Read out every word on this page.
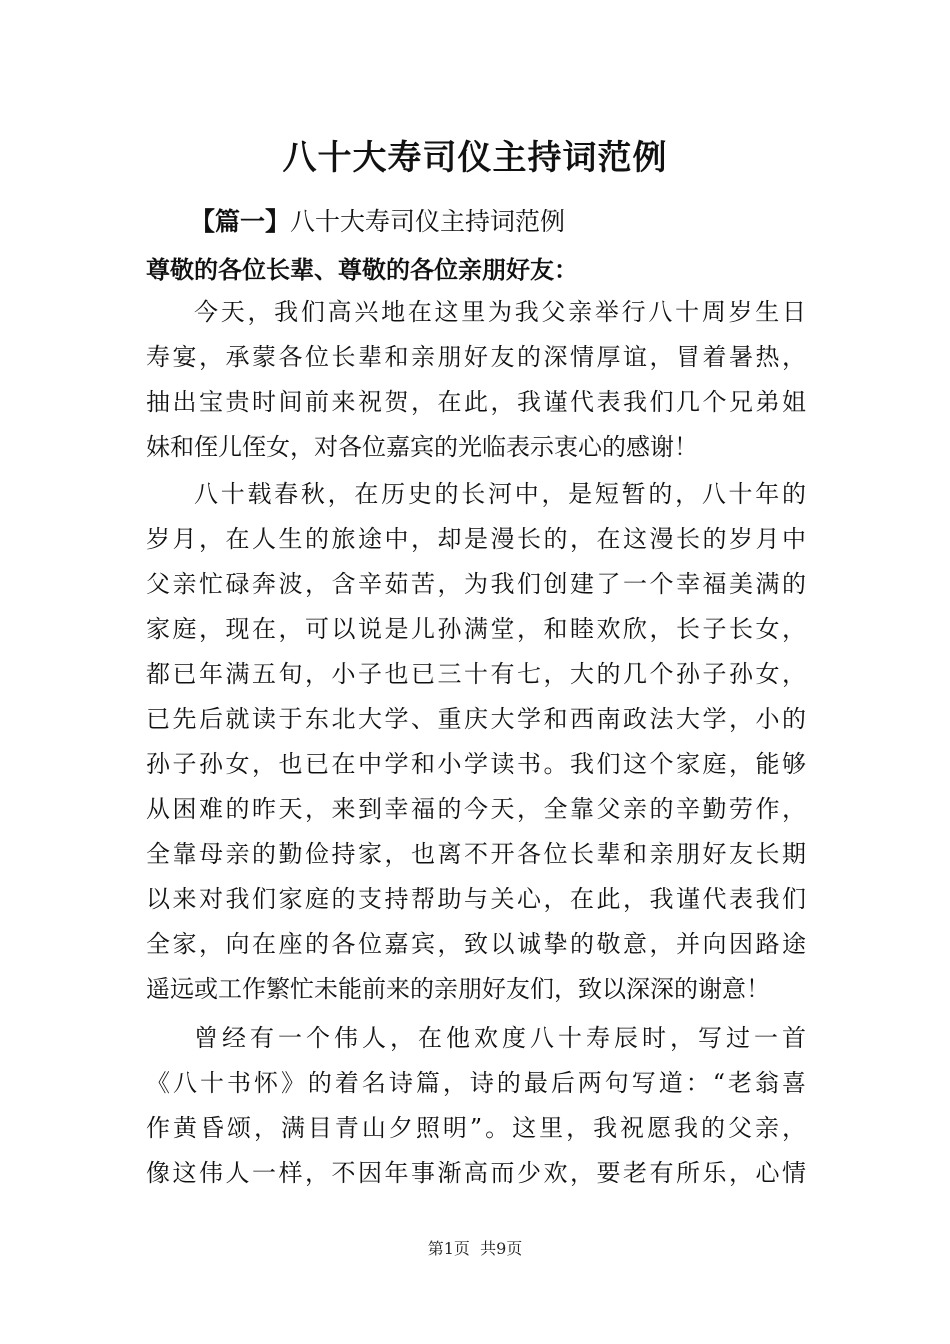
八十大寿司仪主持词范例

【篇一】八十大寿司仪主持词范例

尊敬的各位长辈、尊敬的各位亲朋好友：

今天，我们高兴地在这里为我父亲举行八十周岁生日

寿宴，承蒙各位长辈和亲朋好友的深情厚谊，冒着暑热，

抽出宝贵时间前来祝贺，在此，我谨代表我们几个兄弟姐

妹和侄儿侄女，对各位嘉宾的光临表示衷心的感谢！

八十载春秋，在历史的长河中，是短暂的，八十年的

岁月，在人生的旅途中，却是漫长的，在这漫长的岁月中

父亲忙碌奔波，含辛茹苦，为我们创建了一个幸福美满的

家庭，现在，可以说是儿孙满堂，和睦欢欣，长子长女，

都已年满五旬，小子也已三十有七，大的几个孙子孙女，

已先后就读于东北大学、重庆大学和西南政法大学，小的

孙子孙女，也已在中学和小学读书。我们这个家庭，能够

从困难的昨天，来到幸福的今天，全靠父亲的辛勤劳作，

全靠母亲的勤俭持家，也离不开各位长辈和亲朋好友长期

以来对我们家庭的支持帮助与关心，在此，我谨代表我们

全家，向在座的各位嘉宾，致以诚挚的敬意，并向因路途

遥远或工作繁忙未能前来的亲朋好友们，致以深深的谢意！

曾经有一个伟人，在他欢度八十寿辰时，写过一首

《八十书怀》的着名诗篇，诗的最后两句写道：“老翁喜

作黄昏颂，满目青山夕照明”。这里，我祝愿我的父亲，

像这伟人一样，不因年事渐高而少欢，要老有所乐，心情

第1页  共9页
